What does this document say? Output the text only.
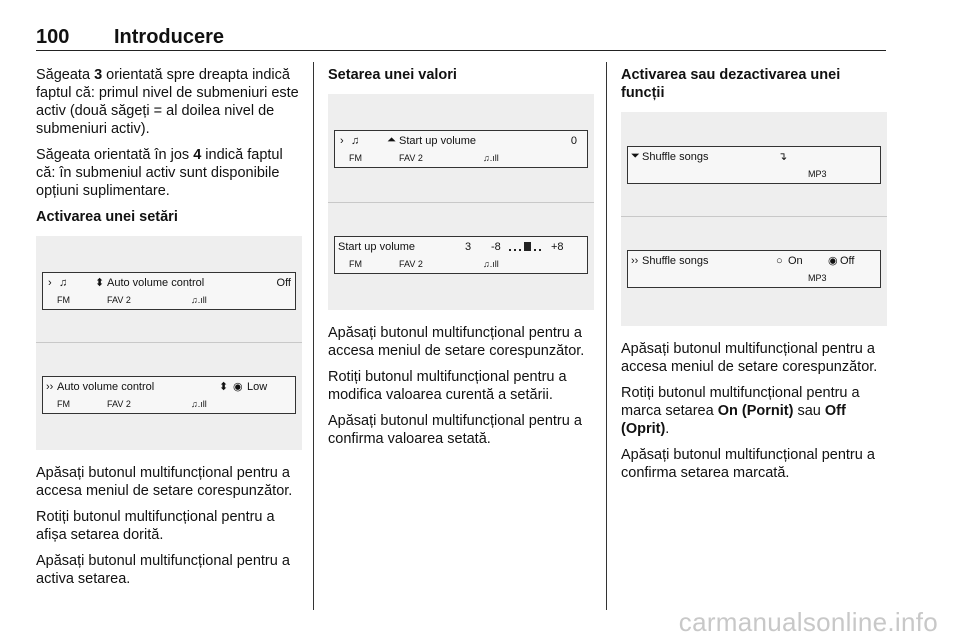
100 Introducere

Săgeata 3 orientată spre dreapta indică faptul că: primul nivel de submeniuri este activ (două săgeți = al doilea nivel de submeniuri activ).

Săgeata orientată în jos 4 indică faptul că: în submeniul activ sunt disponibile opțiuni suplimentare.

Activarea unei setări
› ♫	⬍ Auto volume control	Off
FM	FAV 2	♫.ıll
›› Auto volume control	⬍ ◉ Low
FM	FAV 2	♫.ıll

Apăsați butonul multifuncțional pentru a accesa meniul de setare corespunzător.

Rotiți butonul multifuncțional pentru a afișa setarea dorită.

Apăsați butonul multifuncțional pentru a activa setarea.

Setarea unei valori
› ♫	⏶ Start up volume	0
FM	FAV 2	♫.ıll
Start up volume	3 -8	+8
FM	FAV 2	♫.ıll

Apăsați butonul multifuncțional pentru a accesa meniul de setare corespunzător.

Rotiți butonul multifuncțional pentru a modifica valoarea curentă a setării.

Apăsați butonul multifuncțional pentru a confirma valoarea setată.

Activarea sau dezactivarea unei funcții
⏷ Shuffle songs	↴
MP3
›› Shuffle songs	○ On ◉ Off
MP3

Apăsați butonul multifuncțional pentru a accesa meniul de setare corespunzător.

Rotiți butonul multifuncțional pentru a marca setarea On (Pornit) sau Off (Oprit).

Apăsați butonul multifuncțional pentru a confirma setarea marcată.

carmanualsonline.info
